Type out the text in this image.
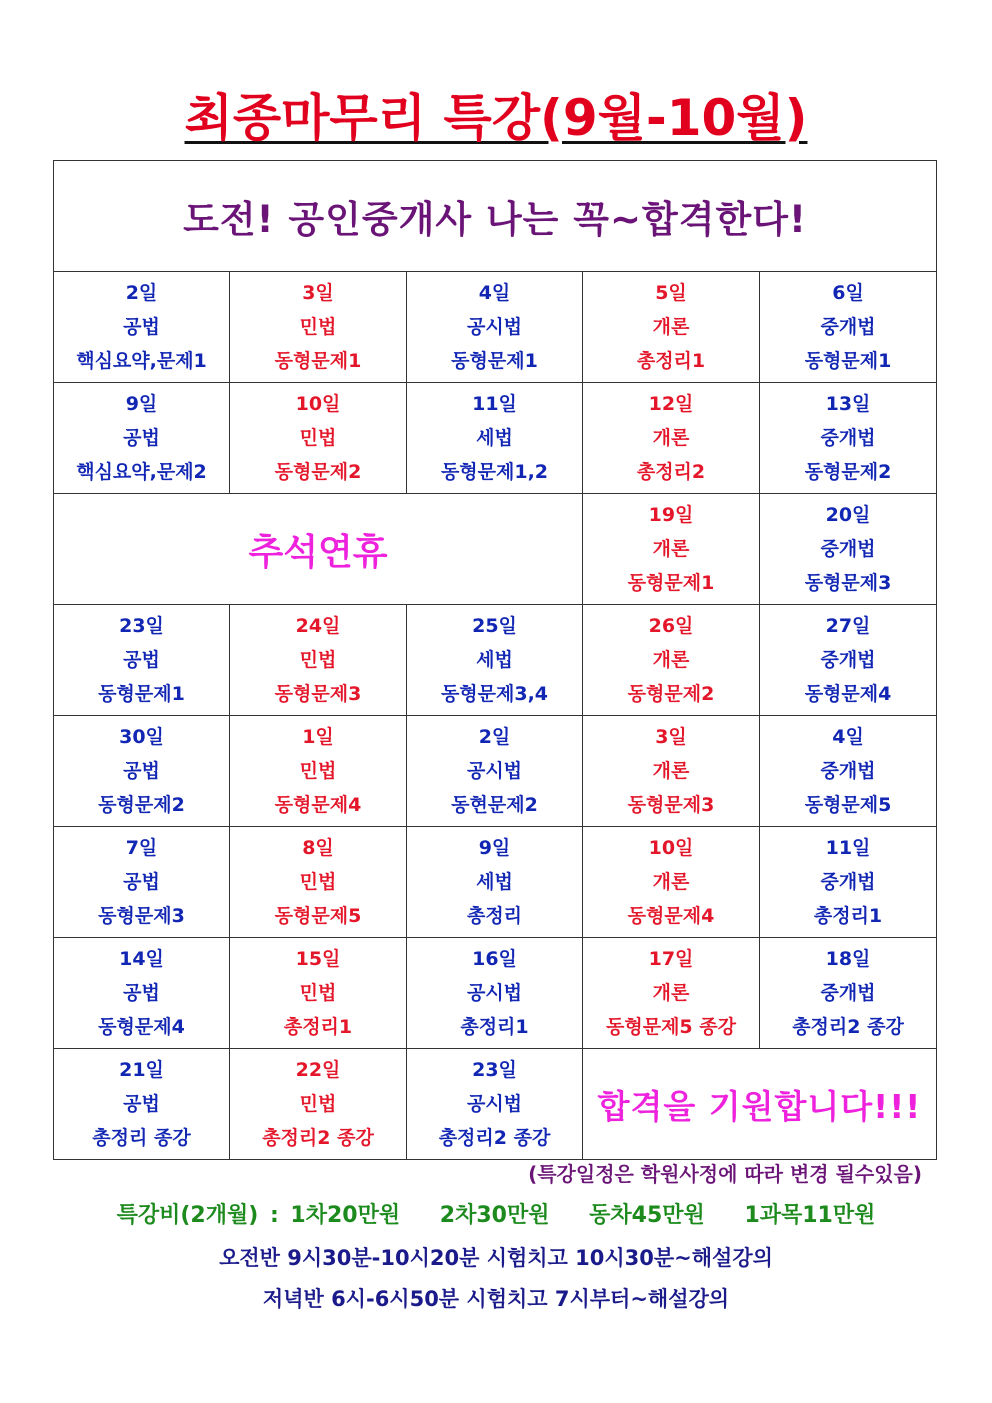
최종마무리 특강(9월-10월)
도전! 공인중개사 나는 꼭~합격한다!				

2일
공법
핵심요약,문제1	3일
민법
동형문제1	4일
공시법
동형문제1	5일
개론
총정리1	6일
중개법
동형문제1

9일
공법
핵심요약,문제2	10일
민법
동형문제2	11일
세법
동형문제1,2	12일
개론
총정리2	13일
중개법
동형문제2

추석연휴			19일
개론
동형문제1	20일
중개법
동형문제3

23일
공법
동형문제1	24일
민법
동형문제3	25일
세법
동형문제3,4	26일
개론
동형문제2	27일
중개법
동형문제4

30일
공법
동형문제2	1일
민법
동형문제4	2일
공시법
동현문제2	3일
개론
동형문제3	4일
중개법
동형문제5

7일
공법
동형문제3	8일
민법
동형문제5	9일
세법
총정리	10일
개론
동형문제4	11일
중개법
총정리1

14일
공법
동형문제4	15일
민법
총정리1	16일
공시법
총정리1	17일
개론
동형문제5 종강	18일
중개법
총정리2 종강

21일
공법
총정리 종강	22일
민법
총정리2 종강	23일
공시법
총정리2 종강	합격을 기원합니다!!!	
(특강일정은 학원사정에 따라 변경 될수있음)
특강비(2개월) : 1차20만원 2차30만원 동차45만원 1과목11만원
오전반 9시30분-10시20분 시험치고 10시30분~해설강의
저녁반 6시-6시50분 시험치고 7시부터~해설강의
